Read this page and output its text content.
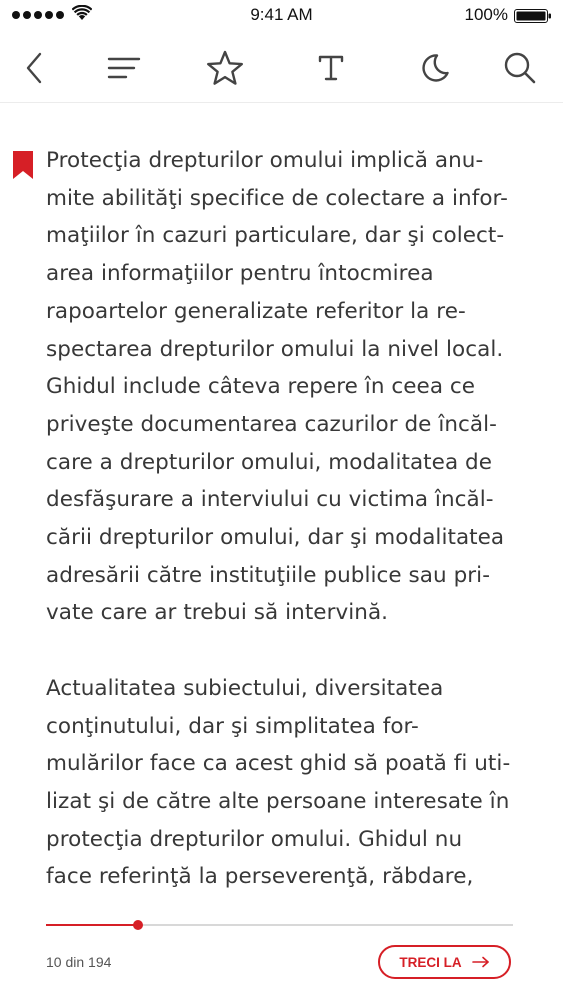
9:41 AM	100%

Protecţia drepturilor omului implică anu-
mite abilităţi specifice de colectare a infor-
maţiilor în cazuri particulare, dar şi colect-
area informaţiilor pentru întocmirea
rapoartelor generalizate referitor la re-
spectarea drepturilor omului la nivel local.
Ghidul include câteva repere în ceea ce
priveşte documentarea cazurilor de încăl-
care a drepturilor omului, modalitatea de
desfăşurare a interviului cu victima încăl-
cării drepturilor omului, dar şi modalitatea
adresării către instituţiile publice sau pri-
vate care ar trebui să intervină.

Actualitatea subiectului, diversitatea
conţinutului, dar şi simplitatea for-
mulărilor face ca acest ghid să poată fi uti-
lizat şi de către alte persoane interesate în
protecţia drepturilor omului. Ghidul nu
face referinţă la perseverenţă, răbdare,

10 din 194	TRECI LA
